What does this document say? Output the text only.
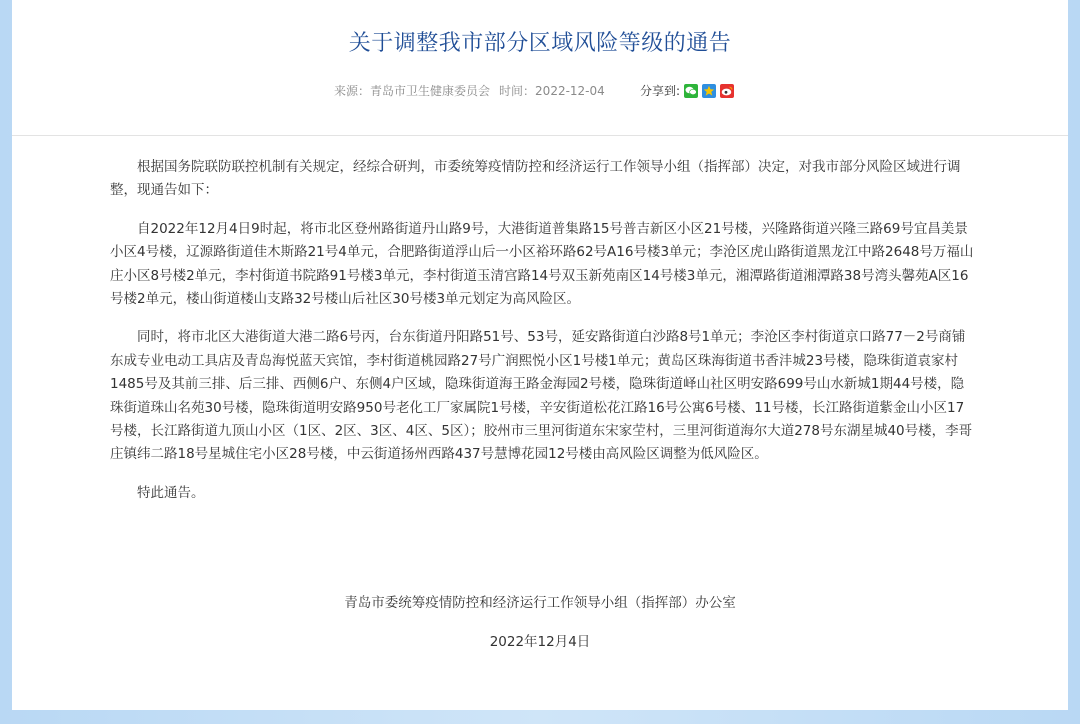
关于调整我市部分区域风险等级的通告
来源： 青岛市卫生健康委员会 时间： 2022-12-04	分享到:

根据国务院联防联控机制有关规定，经综合研判，市委统筹疫情防控和经济运行工作领导小组（指挥部）决定，对我市部分风险区域进行调整，现通告如下：

自2022年12月4日9时起，将市北区登州路街道丹山路9号，大港街道普集路15号普吉新区小区21号楼，兴隆路街道兴隆三路69号宜昌美景小区4号楼，辽源路街道佳木斯路21号4单元，合肥路街道浮山后一小区裕环路62号A16号楼3单元；李沧区虎山路街道黑龙江中路2648号万福山庄小区8号楼2单元，李村街道书院路91号楼3单元，李村街道玉清宫路14号双玉新苑南区14号楼3单元，湘潭路街道湘潭路38号湾头馨苑A区16号楼2单元，楼山街道楼山支路32号楼山后社区30号楼3单元划定为高风险区。

同时，将市北区大港街道大港二路6号丙，台东街道丹阳路51号、53号，延安路街道白沙路8号1单元；李沧区李村街道京口路77－2号商铺东成专业电动工具店及青岛海悦蓝天宾馆，李村街道桃园路27号广润熙悦小区1号楼1单元；黄岛区珠海街道书香沣城23号楼，隐珠街道袁家村1485号及其前三排、后三排、西侧6户、东侧4户区域，隐珠街道海王路金海园2号楼，隐珠街道峄山社区明安路699号山水新城1期44号楼，隐珠街道珠山名苑30号楼，隐珠街道明安路950号老化工厂家属院1号楼，辛安街道松花江路16号公寓6号楼、11号楼，长江路街道紫金山小区17号楼，长江路街道九顶山小区（1区、2区、3区、4区、5区）；胶州市三里河街道东宋家茔村，三里河街道海尔大道278号东湖星城40号楼，李哥庄镇纬二路18号星城住宅小区28号楼，中云街道扬州西路437号慧博花园12号楼由高风险区调整为低风险区。

特此通告。

青岛市委统筹疫情防控和经济运行工作领导小组（指挥部）办公室
2022年12月4日
